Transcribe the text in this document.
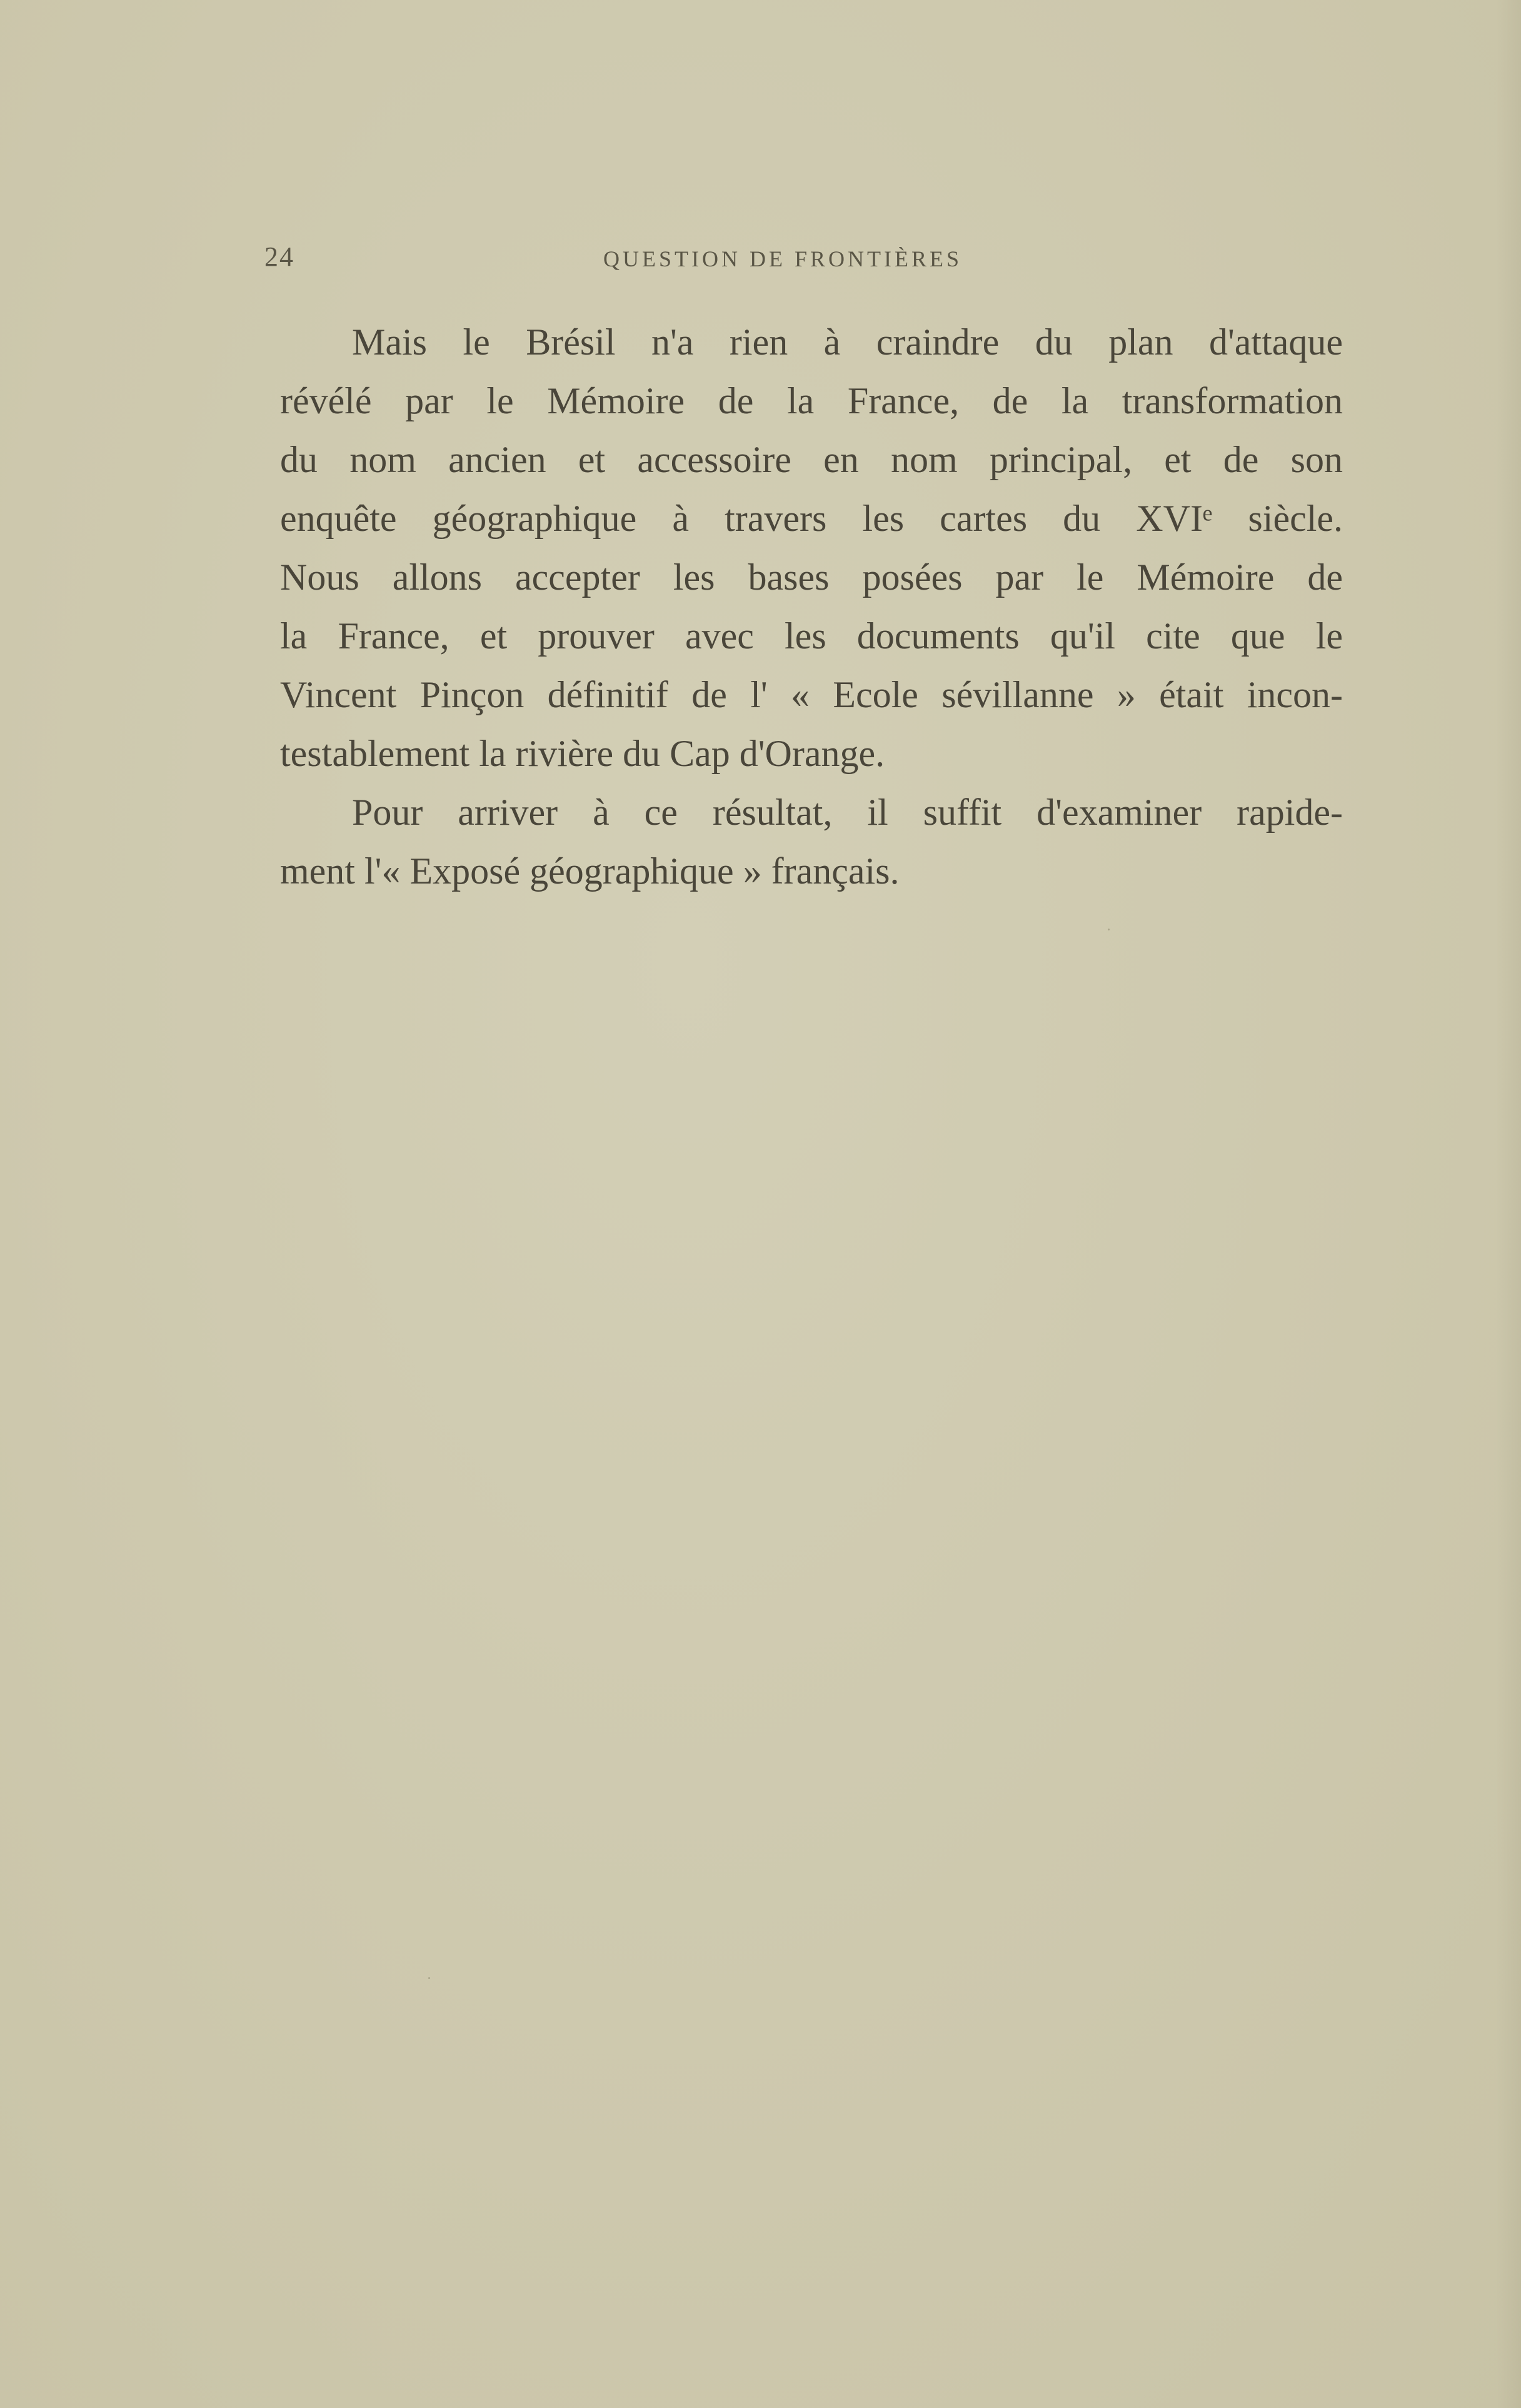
24	QUESTION DE FRONTIÈRES
Mais le Brésil n'a rien à craindre du plan d'attaque
révélé par le Mémoire de la France, de la transformation
du nom ancien et accessoire en nom principal, et de son
enquête géographique à travers les cartes du XVIᵉ siècle.
Nous allons accepter les bases posées par le Mémoire de
la France, et prouver avec les documents qu'il cite que le
Vincent Pinçon définitif de l' « Ecole sévillanne » était incon-
testablement la rivière du Cap d'Orange.
Pour arriver à ce résultat, il suffit d'examiner rapide-
ment l'« Exposé géographique » français.
